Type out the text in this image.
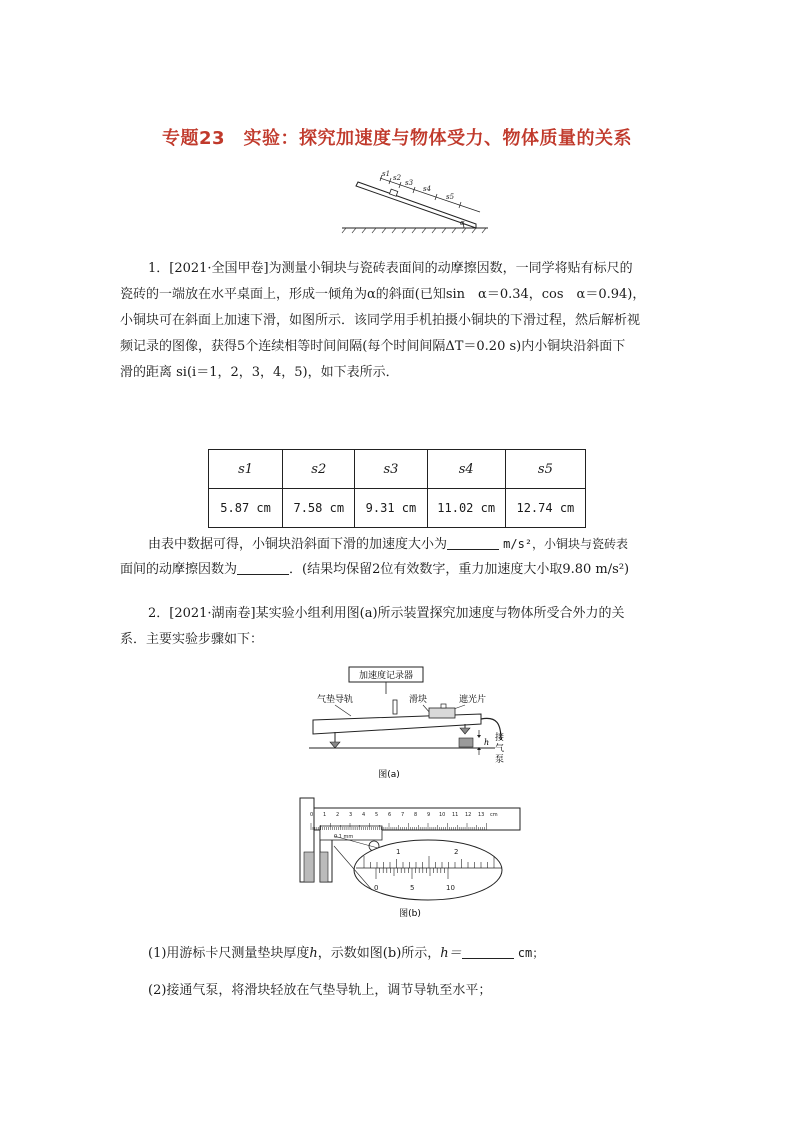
专题23　实验：探究加速度与物体受力、物体质量的关系
s1 s2
s3
s4
s5
α
1．[2021·全国甲卷]为测量小铜块与瓷砖表面间的动摩擦因数，一同学将贴有标尺的
瓷砖的一端放在水平桌面上，形成一倾角为α的斜面(已知sin　α＝0.34，cos　α＝0.94)，
小铜块可在斜面上加速下滑，如图所示．该同学用手机拍摄小铜块的下滑过程，然后解析视
频记录的图像，获得5个连续相等时间间隔(每个时间间隔ΔT＝0.20 s)内小铜块沿斜面下
滑的距离 si(i＝1，2，3，4，5)，如下表所示．
s1	s2	s3	s4	s5
5.87 cm	7.58 cm	9.31 cm	11.02 cm	12.74 cm
由表中数据可得，小铜块沿斜面下滑的加速度大小为	m/s²，小铜块与瓷砖表
面间的动摩擦因数为	．(结果均保留2位有效数字，重力加速度大小取9.80 m/s²)
2．[2021·湖南卷]某实验小组利用图(a)所示装置探究加速度与物体所受合外力的关
系．主要实验步骤如下：
加速度记录器
气垫导轨	滑块	遮光片
h 接
气
泵
图(a)
0 1 2 3 4 5 6 7 8 9 10 11 12 13 cm
0.1 mm
1	2
0	5	10
图(b)
(1)用游标卡尺测量垫块厚度h，示数如图(b)所示，h＝	cm；
(2)接通气泵，将滑块轻放在气垫导轨上，调节导轨至水平；
